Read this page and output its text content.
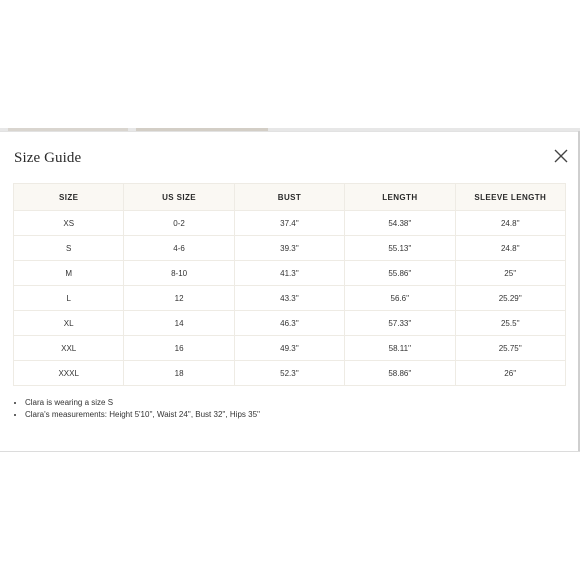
Size Guide
SIZE	US SIZE	BUST	LENGTH	SLEEVE LENGTH
XS	0-2	37.4''	54.38''	24.8''
S	4-6	39.3''	55.13''	24.8''
M	8-10	41.3''	55.86''	25''
L	12	43.3''	56.6''	25.29''
XL	14	46.3''	57.33''	25.5''
XXL	16	49.3''	58.11''	25.75''
XXXL	18	52.3''	58.86''	26''
• Clara is wearing a size S
• Clara's measurements: Height 5'10'', Waist 24'', Bust 32'', Hips 35''
